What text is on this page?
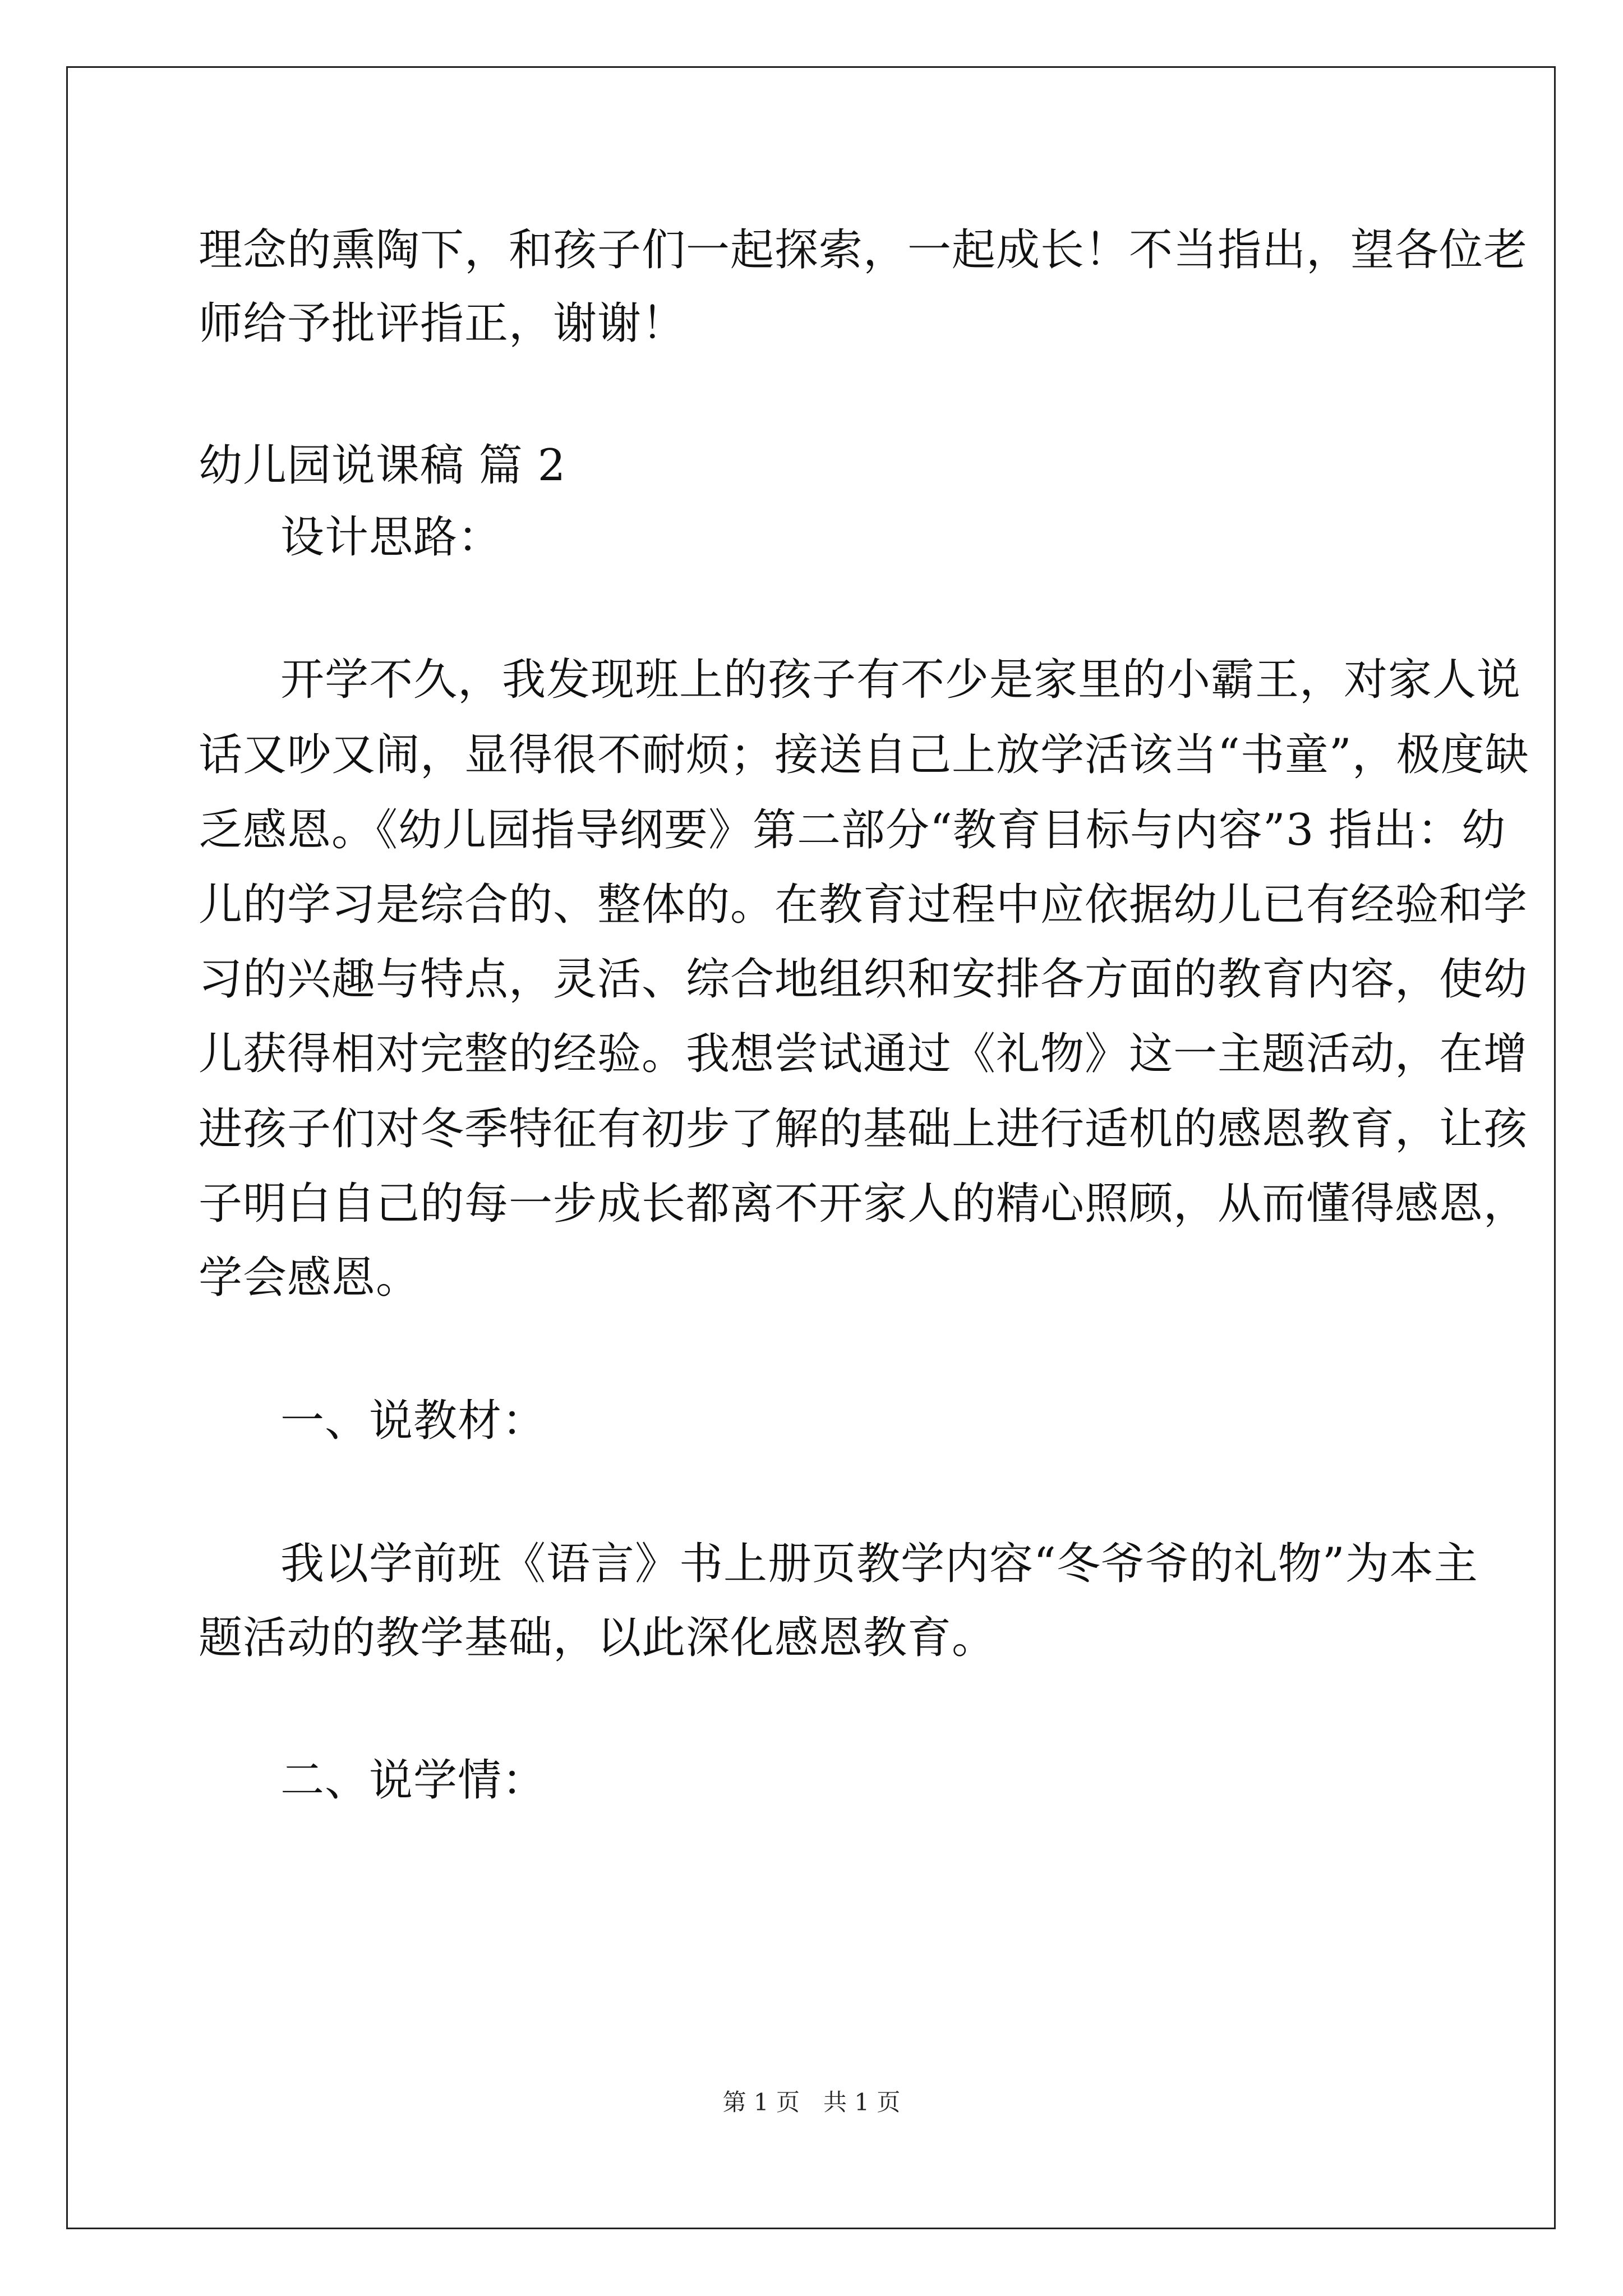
理念的熏陶下，和孩子们一起探索，一起成长！不当指出，望各位老

师给予批评指正，谢谢！

幼儿园说课稿 篇 2

设计思路：

开学不久，我发现班上的孩子有不少是家里的小霸王，对家人说

话又吵又闹，显得很不耐烦；接送自己上放学活该当“书童”，极度缺

乏感恩。《幼儿园指导纲要》第二部分“教育目标与内容”3 指出：幼

儿的学习是综合的、整体的。在教育过程中应依据幼儿已有经验和学

习的兴趣与特点，灵活、综合地组织和安排各方面的教育内容，使幼

儿获得相对完整的经验。我想尝试通过《礼物》这一主题活动，在增

进孩子们对冬季特征有初步了解的基础上进行适机的感恩教育，让孩

子明白自己的每一步成长都离不开家人的精心照顾，从而懂得感恩，

学会感恩。

一、说教材：

我以学前班《语言》书上册页教学内容“冬爷爷的礼物”为本主

题活动的教学基础，以此深化感恩教育。

二、说学情：

第 1 页　共 1 页
